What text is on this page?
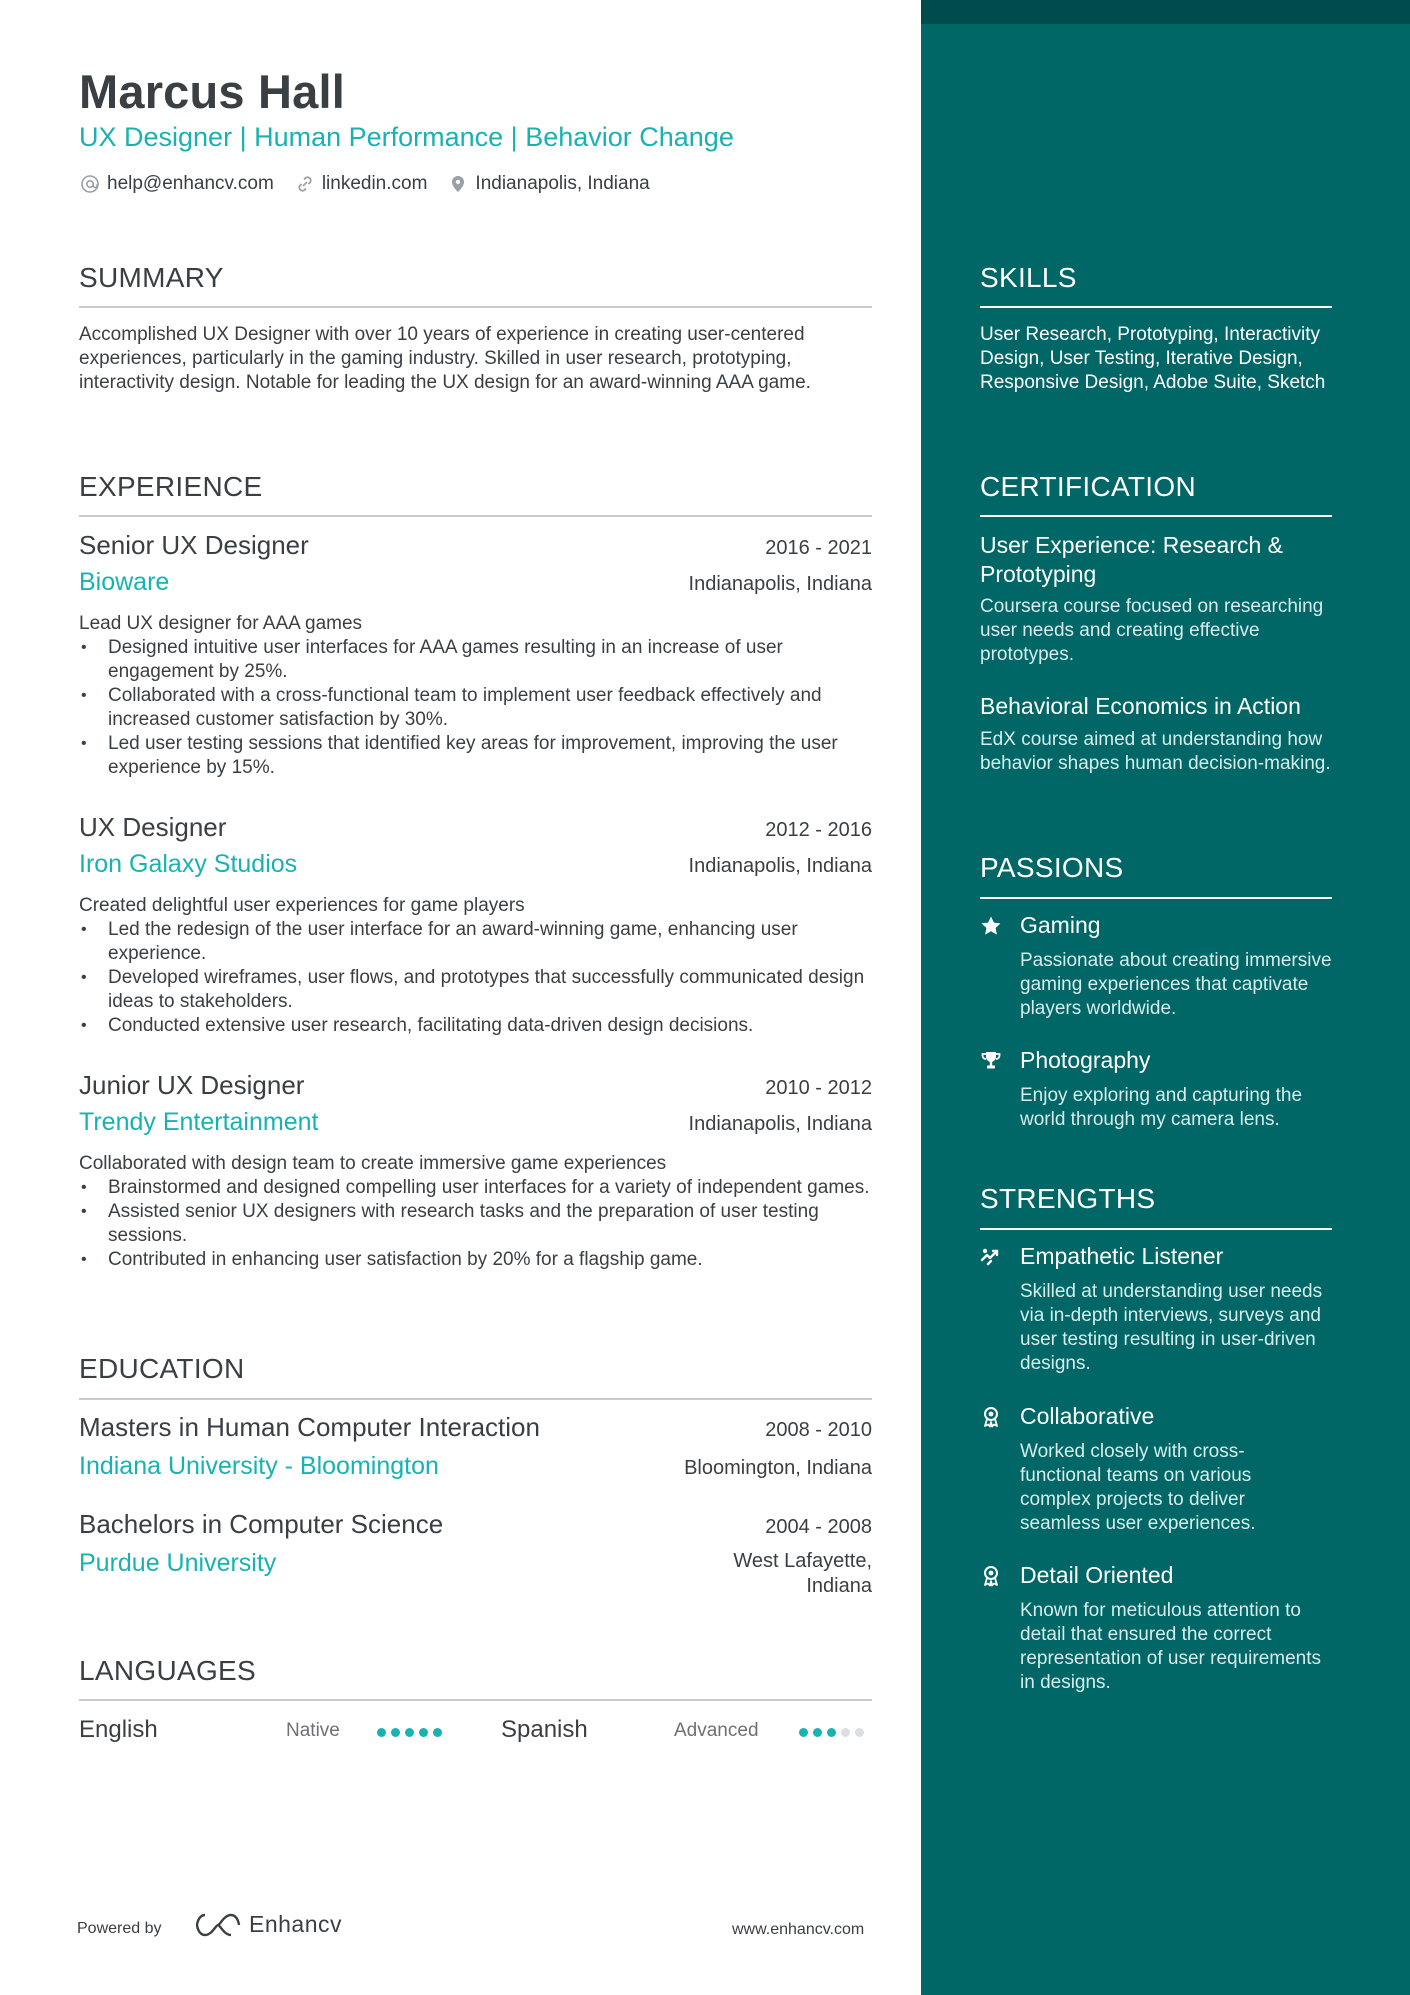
Marcus Hall
UX Designer | Human Performance | Behavior Change
help@enhancv.com	linkedin.com	Indianapolis, Indiana
SUMMARY
Accomplished UX Designer with over 10 years of experience in creating user-centered experiences, particularly in the gaming industry. Skilled in user research, prototyping, interactivity design. Notable for leading the UX design for an award-winning AAA game.
EXPERIENCE
Senior UX Designer	2016 - 2021
Bioware	Indianapolis, Indiana
Lead UX designer for AAA games
• Designed intuitive user interfaces for AAA games resulting in an increase of user engagement by 25%.
• Collaborated with a cross-functional team to implement user feedback effectively and increased customer satisfaction by 30%.
• Led user testing sessions that identified key areas for improvement, improving the user experience by 15%.
UX Designer	2012 - 2016
Iron Galaxy Studios	Indianapolis, Indiana
Created delightful user experiences for game players
• Led the redesign of the user interface for an award-winning game, enhancing user experience.
• Developed wireframes, user flows, and prototypes that successfully communicated design ideas to stakeholders.
• Conducted extensive user research, facilitating data-driven design decisions.
Junior UX Designer	2010 - 2012
Trendy Entertainment	Indianapolis, Indiana
Collaborated with design team to create immersive game experiences
• Brainstormed and designed compelling user interfaces for a variety of independent games.
• Assisted senior UX designers with research tasks and the preparation of user testing sessions.
• Contributed in enhancing user satisfaction by 20% for a flagship game.
EDUCATION
Masters in Human Computer Interaction	2008 - 2010
Indiana University - Bloomington	Bloomington, Indiana
Bachelors in Computer Science	2004 - 2008
Purdue University	West Lafayette,
Indiana
LANGUAGES
English	Native	Spanish	Advanced
Powered by	Enhancv	www.enhancv.com
SKILLS
User Research, Prototyping, Interactivity Design, User Testing, Iterative Design, Responsive Design, Adobe Suite, Sketch
CERTIFICATION
User Experience: Research &
Prototyping
Coursera course focused on researching user needs and creating effective prototypes.
Behavioral Economics in Action
EdX course aimed at understanding how behavior shapes human decision-making.
PASSIONS
Gaming
Passionate about creating immersive gaming experiences that captivate players worldwide.
Photography
Enjoy exploring and capturing the world through my camera lens.
STRENGTHS
Empathetic Listener
Skilled at understanding user needs via in-depth interviews, surveys and user testing resulting in user-driven designs.
Collaborative
Worked closely with cross-functional teams on various complex projects to deliver seamless user experiences.
Detail Oriented
Known for meticulous attention to detail that ensured the correct representation of user requirements in designs.
